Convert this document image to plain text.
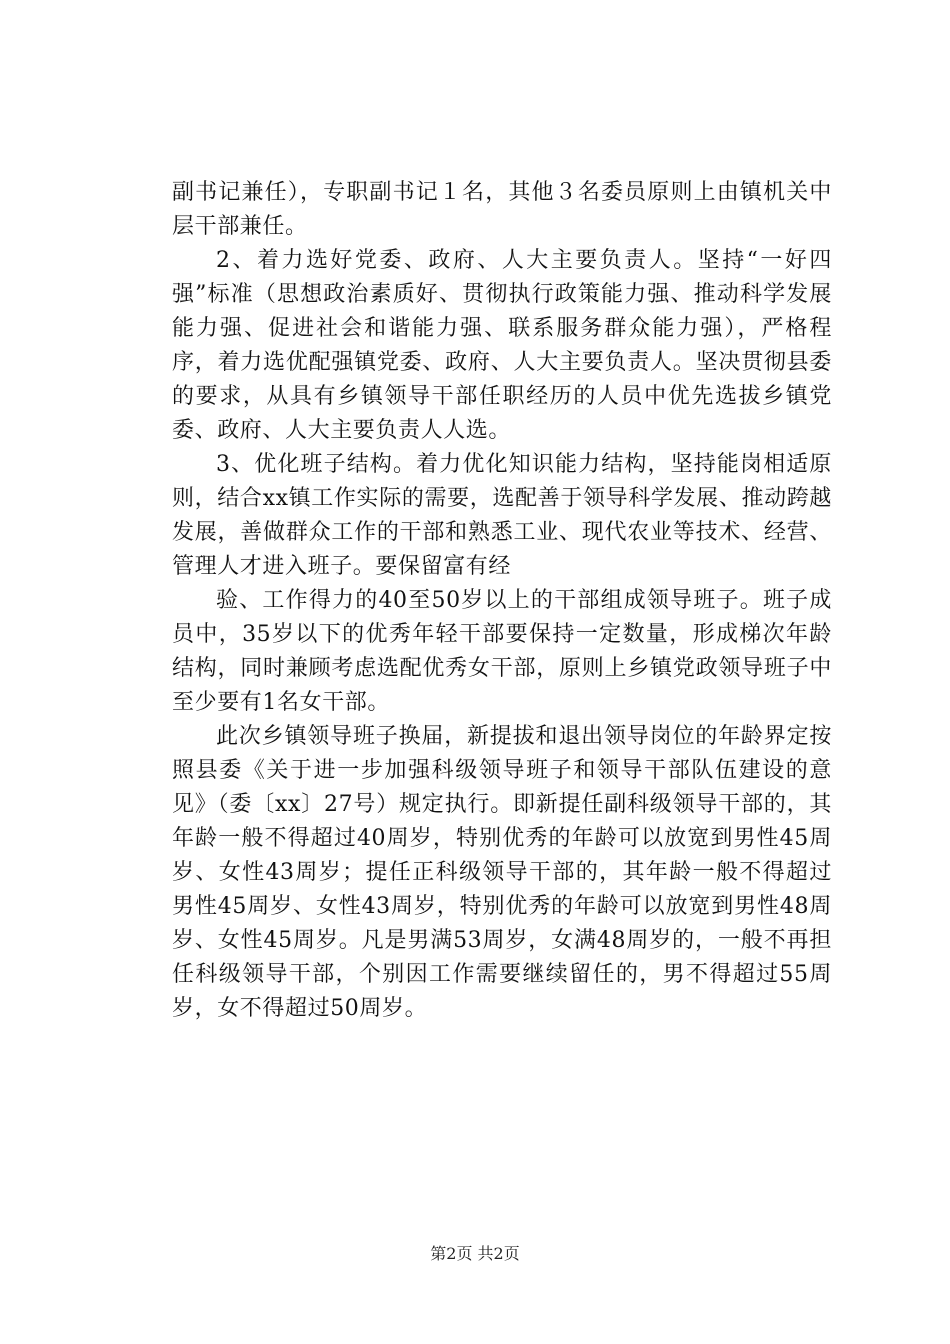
副书记兼任），专职副书记１名，其他３名委员原则上由镇机关中层干部兼任。

2、着力选好党委、政府、人大主要负责人。坚持“一好四强”标准（思想政治素质好、贯彻执行政策能力强、推动科学发展能力强、促进社会和谐能力强、联系服务群众能力强），严格程序，着力选优配强镇党委、政府、人大主要负责人。坚决贯彻县委的要求，从具有乡镇领导干部任职经历的人员中优先选拔乡镇党委、政府、人大主要负责人人选。

3、优化班子结构。着力优化知识能力结构，坚持能岗相适原则，结合xx镇工作实际的需要，选配善于领导科学发展、推动跨越发展，善做群众工作的干部和熟悉工业、现代农业等技术、经营、管理人才进入班子。要保留富有经

验、工作得力的40至50岁以上的干部组成领导班子。班子成员中，35岁以下的优秀年轻干部要保持一定数量，形成梯次年龄结构，同时兼顾考虑选配优秀女干部，原则上乡镇党政领导班子中至少要有1名女干部。

此次乡镇领导班子换届，新提拔和退出领导岗位的年龄界定按照县委《关于进一步加强科级领导班子和领导干部队伍建设的意见》（委〔xx〕27号）规定执行。即新提任副科级领导干部的，其年龄一般不得超过40周岁，特别优秀的年龄可以放宽到男性45周岁、女性43周岁；提任正科级领导干部的，其年龄一般不得超过男性45周岁、女性43周岁，特别优秀的年龄可以放宽到男性48周岁、女性45周岁。凡是男满53周岁，女满48周岁的，一般不再担任科级领导干部，个别因工作需要继续留任的，男不得超过55周岁，女不得超过50周岁。

第2页 共2页
